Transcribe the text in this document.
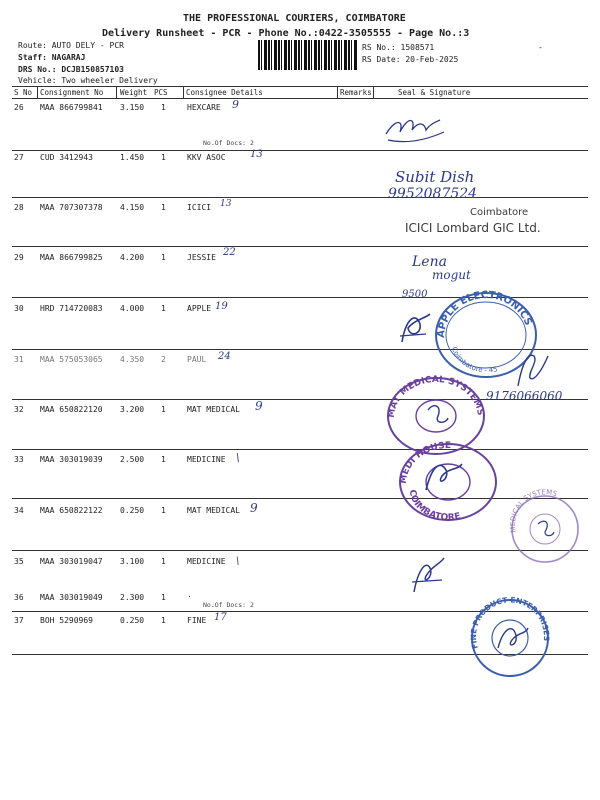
THE PROFESSIONAL COURIERS, COIMBATORE
Delivery Runsheet - PCR - Phone No.:0422-3505555 - Page No.:3
Route: AUTO DELY - PCR
Staff: NAGARAJ
DRS No.: DCJB150857103
Vehicle: Two wheeler Delivery
RS No.: 1508571
RS Date: 20-Feb-2025
-
S No Consignment No Weight PCS Consignee Details	Remarks	Seal & Signature
26 MAA 866799841 3.150 1	HEXCARE 9
No.Of Docs: 2
27 CUD 3412943	1.450 1	KKV ASOC 13
28 MAA 707307378 4.150 1	ICICI 13
29 MAA 866799825 4.200 1	JESSIE 22
30 HRD 714720083 4.000 1	APPLE 19
31 MAA 575053065 4.350 2	PAUL 24
32 MAA 650822120 3.200 1	MAT MEDICAL 9
33 MAA 303019039 2.500 1	MEDICINE \
34 MAA 650822122 0.250 1	MAT MEDICAL 9
35 MAA 303019047 3.100 1	MEDICINE \
36 MAA 303019049 2.300 1	.
No.Of Docs: 2
37 BOH 5290969	0.250 1	FINE 17
Subit Dish
9952087524
Coimbatore
ICICI Lombard GIC Ltd.
Lena
mogut
9500
APPLE ELECTRONICS
Coimbatore - 45
9176066060
MAT MEDICAL SYSTEMS
MEDI HOUSE
COIMBATORE
MEDICAL SYSTEMS
FINE PRODUCT ENTERPRISES
